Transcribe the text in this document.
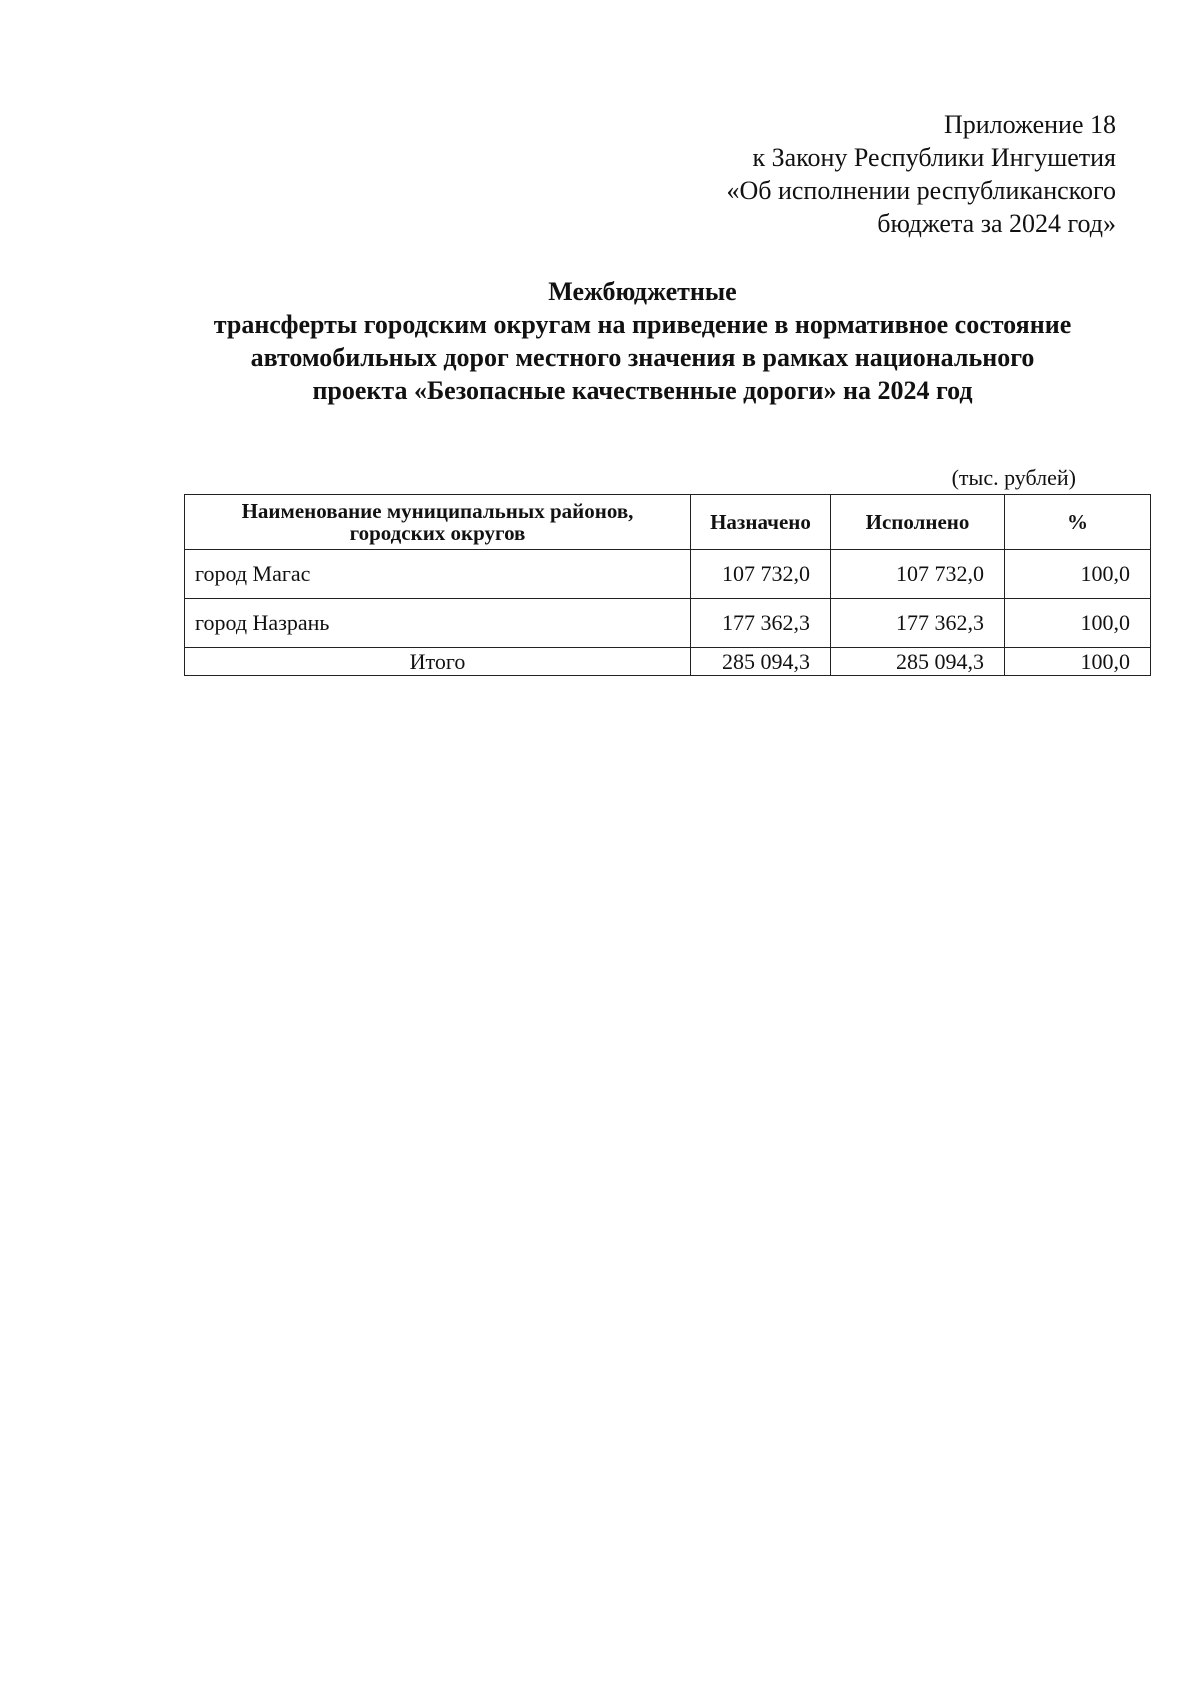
Приложение 18
к Закону Республики Ингушетия
«Об исполнении республиканского
бюджета за 2024 год»
Межбюджетные
трансферты городским округам на приведение в нормативное состояние
автомобильных дорог местного значения в рамках национального
проекта «Безопасные качественные дороги» на 2024 год
(тыс. рублей)
Наименование муниципальных районов, городских округов	Назначено	Исполнено	%
город Магас	107 732,0	107 732,0	100,0
город Назрань	177 362,3	177 362,3	100,0
Итого	285 094,3	285 094,3	100,0
